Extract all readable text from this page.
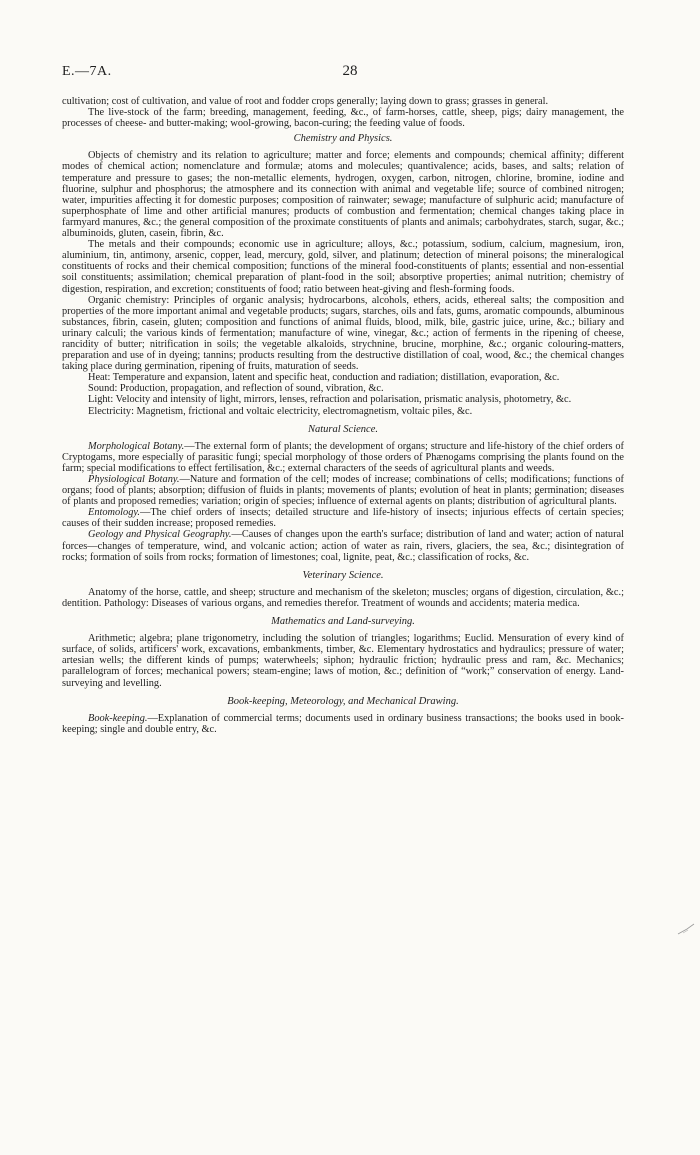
E.—7A.	28

cultivation; cost of cultivation, and value of root and fodder crops generally; laying down to grass; grasses in general.

The live-stock of the farm; breeding, management, feeding, &c., of farm-horses, cattle, sheep, pigs; dairy management, the processes of cheese- and butter-making; wool-growing, bacon-curing; the feeding value of foods.

Chemistry and Physics.

Objects of chemistry and its relation to agriculture; matter and force; elements and compounds; chemical affinity; different modes of chemical action; nomenclature and formulæ; atoms and molecules; quantivalence; acids, bases, and salts; relation of temperature and pressure to gases; the non-metallic elements, hydrogen, oxygen, carbon, nitrogen, chlorine, bromine, iodine and fluorine, sulphur and phosphorus; the atmosphere and its connection with animal and vegetable life; source of combined nitrogen; water, impurities affecting it for domestic purposes; composition of rainwater; sewage; manufacture of sulphuric acid; manufacture of superphosphate of lime and other artificial manures; products of combustion and fermentation; chemical changes taking place in farmyard manures, &c.; the general composition of the proximate constituents of plants and animals; carbohydrates, starch, sugar, &c.; albuminoids, gluten, casein, fibrin, &c.

The metals and their compounds; economic use in agriculture; alloys, &c.; potassium, sodium, calcium, magnesium, iron, aluminium, tin, antimony, arsenic, copper, lead, mercury, gold, silver, and platinum; detection of mineral poisons; the mineralogical constituents of rocks and their chemical composition; functions of the mineral food-constituents of plants; essential and non-essential soil constituents; assimilation; chemical preparation of plant-food in the soil; absorptive properties; animal nutrition; chemistry of digestion, respiration, and excretion; constituents of food; ratio between heat-giving and flesh-forming foods.

Organic chemistry: Principles of organic analysis; hydrocarbons, alcohols, ethers, acids, ethereal salts; the composition and properties of the more important animal and vegetable products; sugars, starches, oils and fats, gums, aromatic compounds, albuminous substances, fibrin, casein, gluten; composition and functions of animal fluids, blood, milk, bile, gastric juice, urine, &c.; biliary and urinary calculi; the various kinds of fermentation; manufacture of wine, vinegar, &c.; action of ferments in the ripening of cheese, rancidity of butter; nitrification in soils; the vegetable alkaloids, strychnine, brucine, morphine, &c.; organic colouring-matters, preparation and use of in dyeing; tannins; products resulting from the destructive distillation of coal, wood, &c.; the chemical changes taking place during germination, ripening of fruits, maturation of seeds.

Heat: Temperature and expansion, latent and specific heat, conduction and radiation; distillation, evaporation, &c.

Sound: Production, propagation, and reflection of sound, vibration, &c.

Light: Velocity and intensity of light, mirrors, lenses, refraction and polarisation, prismatic analysis, photometry, &c.

Electricity: Magnetism, frictional and voltaic electricity, electromagnetism, voltaic piles, &c.

Natural Science.

Morphological Botany.—The external form of plants; the development of organs; structure and life-history of the chief orders of Cryptogams, more especially of parasitic fungi; special morphology of those orders of Phænogams comprising the plants found on the farm; special modifications to effect fertilisation, &c.; external characters of the seeds of agricultural plants and weeds.

Physiological Botany.—Nature and formation of the cell; modes of increase; combinations of cells; modifications; functions of organs; food of plants; absorption; diffusion of fluids in plants; movements of plants; evolution of heat in plants; germination; diseases of plants and proposed remedies; variation; origin of species; influence of external agents on plants; distribution of agricultural plants.

Entomology.—The chief orders of insects; detailed structure and life-history of insects; injurious effects of certain species; causes of their sudden increase; proposed remedies.

Geology and Physical Geography.—Causes of changes upon the earth's surface; distribution of land and water; action of natural forces—changes of temperature, wind, and volcanic action; action of water as rain, rivers, glaciers, the sea, &c.; disintegration of rocks; formation of soils from rocks; formation of limestones; coal, lignite, peat, &c.; classification of rocks, &c.

Veterinary Science.

Anatomy of the horse, cattle, and sheep; structure and mechanism of the skeleton; muscles; organs of digestion, circulation, &c.; dentition. Pathology: Diseases of various organs, and remedies therefor. Treatment of wounds and accidents; materia medica.

Mathematics and Land-surveying.

Arithmetic; algebra; plane trigonometry, including the solution of triangles; logarithms; Euclid. Mensuration of every kind of surface, of solids, artificers' work, excavations, embankments, timber, &c. Elementary hydrostatics and hydraulics; pressure of water; artesian wells; the different kinds of pumps; waterwheels; siphon; hydraulic friction; hydraulic press and ram, &c. Mechanics; parallelogram of forces; mechanical powers; steam-engine; laws of motion, &c.; definition of “work;” conservation of energy. Land-surveying and levelling.

Book-keeping, Meteorology, and Mechanical Drawing.

Book-keeping.—Explanation of commercial terms; documents used in ordinary business transactions; the books used in book-keeping; single and double entry, &c.
